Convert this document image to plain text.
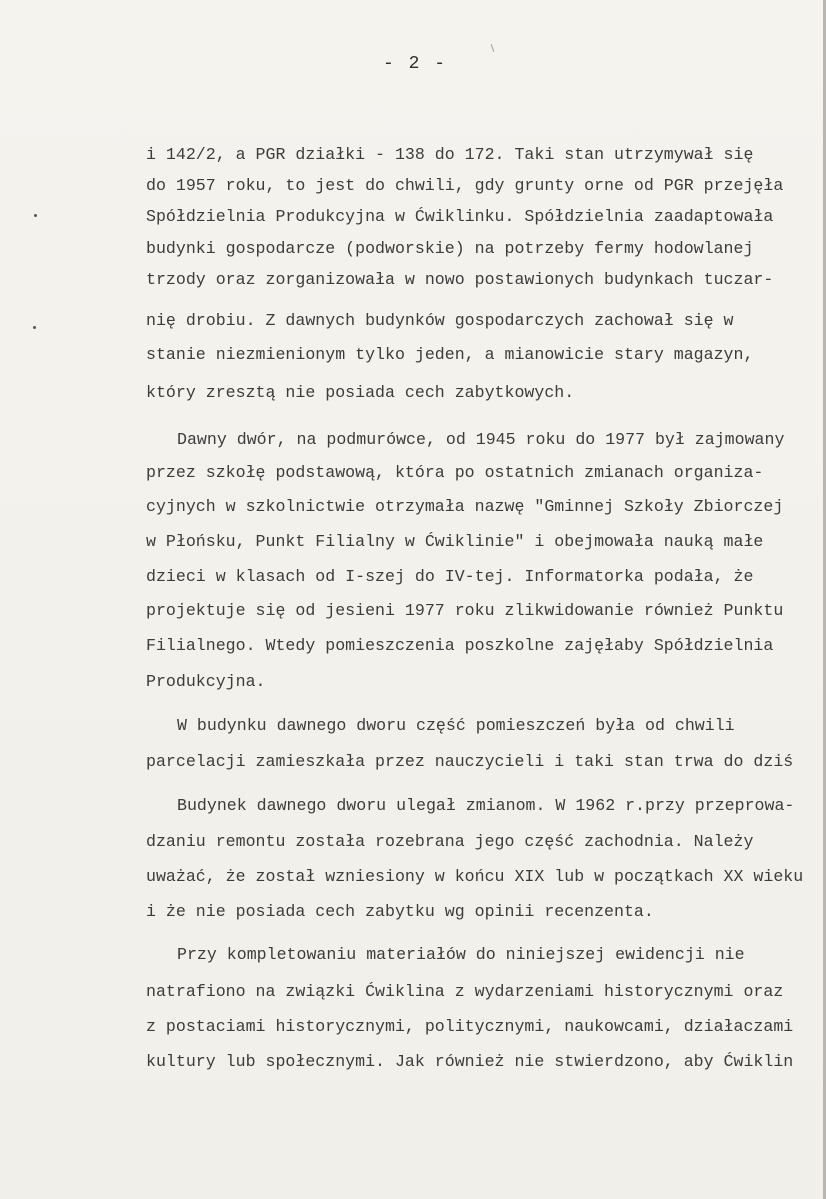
- 2 -
i 142/2, a PGR działki - 138 do 172. Taki stan utrzymywał się
do 1957 roku, to jest do chwili, gdy grunty orne od PGR przejęła
Spółdzielnia Produkcyjna w Ćwiklinku. Spółdzielnia zaadaptowała
budynki gospodarcze (podworskie) na potrzeby fermy hodowlanej
trzody oraz zorganizowała w nowo postawionych budynkach tuczar-
nię drobiu. Z dawnych budynków gospodarczych zachował się w
stanie niezmienionym tylko jeden, a mianowicie stary magazyn,
który zresztą nie posiada cech zabytkowych.
Dawny dwór, na podmurówce, od 1945 roku do 1977 był zajmowany
przez szkołę podstawową, która po ostatnich zmianach organiza-
cyjnych w szkolnictwie otrzymała nazwę "Gminnej Szkoły Zbiorczej
w Płońsku, Punkt Filialny w Ćwiklinie" i obejmowała nauką małe
dzieci w klasach od I-szej do IV-tej. Informatorka podała, że
projektuje się od jesieni 1977 roku zlikwidowanie również Punktu
Filialnego. Wtedy pomieszczenia poszkolne zajęłaby Spółdzielnia
Produkcyjna.
W budynku dawnego dworu część pomieszczeń była od chwili
parcelacji zamieszkała przez nauczycieli i taki stan trwa do dziś
Budynek dawnego dworu ulegał zmianom. W 1962 r.przy przeprowa-
dzaniu remontu została rozebrana jego część zachodnia. Należy
uważać, że został wzniesiony w końcu XIX lub w początkach XX wieku
i że nie posiada cech zabytku wg opinii recenzenta.
Przy kompletowaniu materiałów do niniejszej ewidencji nie
natrafiono na związki Ćwiklina z wydarzeniami historycznymi oraz
z postaciami historycznymi, politycznymi, naukowcami, działaczami
kultury lub społecznymi. Jak również nie stwierdzono, aby Ćwiklin
